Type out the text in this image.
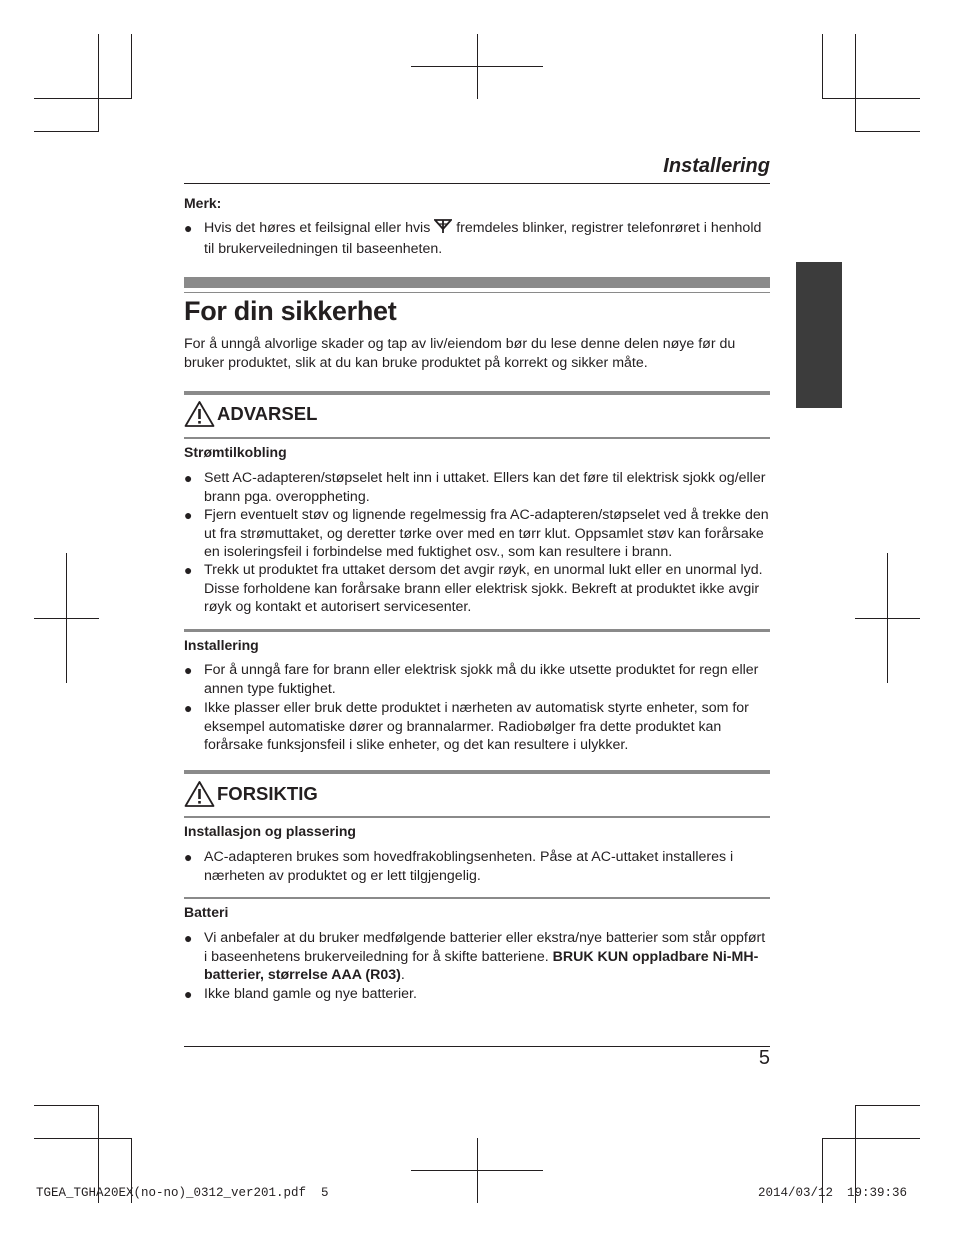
Installering
Merk:
● Hvis det høres et feilsignal eller hvis  fremdeles blinker, registrer telefonrøret i henhold til brukerveiledningen til baseenheten.
For din sikkerhet
For å unngå alvorlige skader og tap av liv/eiendom bør du lese denne delen nøye før du bruker produktet, slik at du kan bruke produktet på korrekt og sikker måte.
ADVARSEL
Strømtilkobling
● Sett AC-adapteren/støpselet helt inn i uttaket. Ellers kan det føre til elektrisk sjokk og/eller brann pga. overoppheting.
● Fjern eventuelt støv og lignende regelmessig fra AC-adapteren/støpselet ved å trekke den ut fra strømuttaket, og deretter tørke over med en tørr klut. Oppsamlet støv kan forårsake en isoleringsfeil i forbindelse med fuktighet osv., som kan resultere i brann.
● Trekk ut produktet fra uttaket dersom det avgir røyk, en unormal lukt eller en unormal lyd. Disse forholdene kan forårsake brann eller elektrisk sjokk. Bekreft at produktet ikke avgir røyk og kontakt et autorisert servicesenter.
Installering
● For å unngå fare for brann eller elektrisk sjokk må du ikke utsette produktet for regn eller annen type fuktighet.
● Ikke plasser eller bruk dette produktet i nærheten av automatisk styrte enheter, som for eksempel automatiske dører og brannalarmer. Radiobølger fra dette produktet kan forårsake funksjonsfeil i slike enheter, og det kan resultere i ulykker.
FORSIKTIG
Installasjon og plassering
● AC-adapteren brukes som hovedfrakoblingsenheten. Påse at AC-uttaket installeres i nærheten av produktet og er lett tilgjengelig.
Batteri
● Vi anbefaler at du bruker medfølgende batterier eller ekstra/nye batterier som står oppført i baseenhetens brukerveiledning for å skifte batteriene. BRUK KUN oppladbare Ni-MH-batterier, størrelse AAA (R03).
● Ikke bland gamle og nye batterier.
5
TGEA_TGHA20EX(no-no)_0312_ver201.pdf 5	2014/03/12 19:39:36
